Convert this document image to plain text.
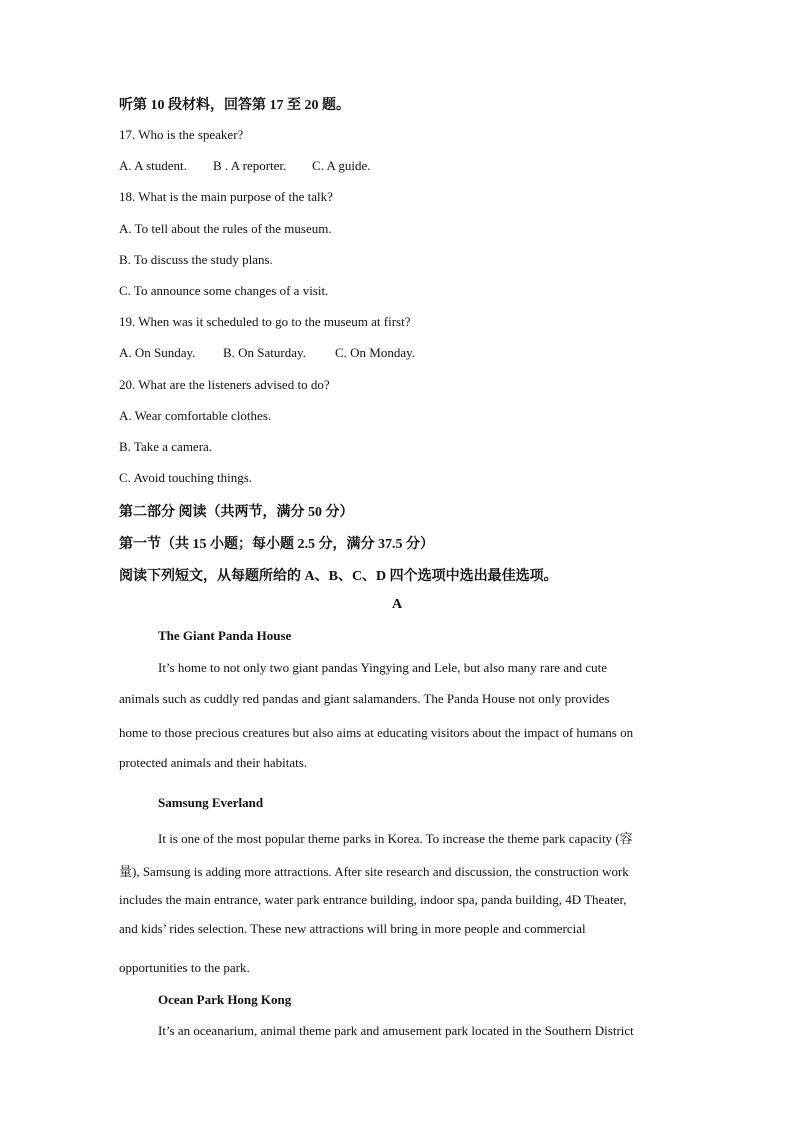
听第 10 段材料，回答第 17 至 20 题。
17. Who is the speaker?
A. A student. B . A reporter. C. A guide.
18. What is the main purpose of the talk?
A. To tell about the rules of the museum.
B. To discuss the study plans.
C. To announce some changes of a visit.
19. When was it scheduled to go to the museum at first?
A. On Sunday. B. On Saturday. C. On Monday.
20. What are the listeners advised to do?
A. Wear comfortable clothes.
B. Take a camera.
C. Avoid touching things.
第二部分 阅读（共两节，满分 50 分）
第一节（共 15 小题；每小题 2.5 分，满分 37.5 分）
阅读下列短文，从每题所给的 A、B、C、D 四个选项中选出最佳选项。
A
The Giant Panda House
It’s home to not only two giant pandas Yingying and Lele, but also many rare and cute
animals such as cuddly red pandas and giant salamanders. The Panda House not only provides
home to those precious creatures but also aims at educating visitors about the impact of humans on
protected animals and their habitats.
Samsung Everland
It is one of the most popular theme parks in Korea. To increase the theme park capacity (容
量), Samsung is adding more attractions. After site research and discussion, the construction work
includes the main entrance, water park entrance building, indoor spa, panda building, 4D Theater,
and kids’ rides selection. These new attractions will bring in more people and commercial
opportunities to the park.
Ocean Park Hong Kong
It’s an oceanarium, animal theme park and amusement park located in the Southern District
